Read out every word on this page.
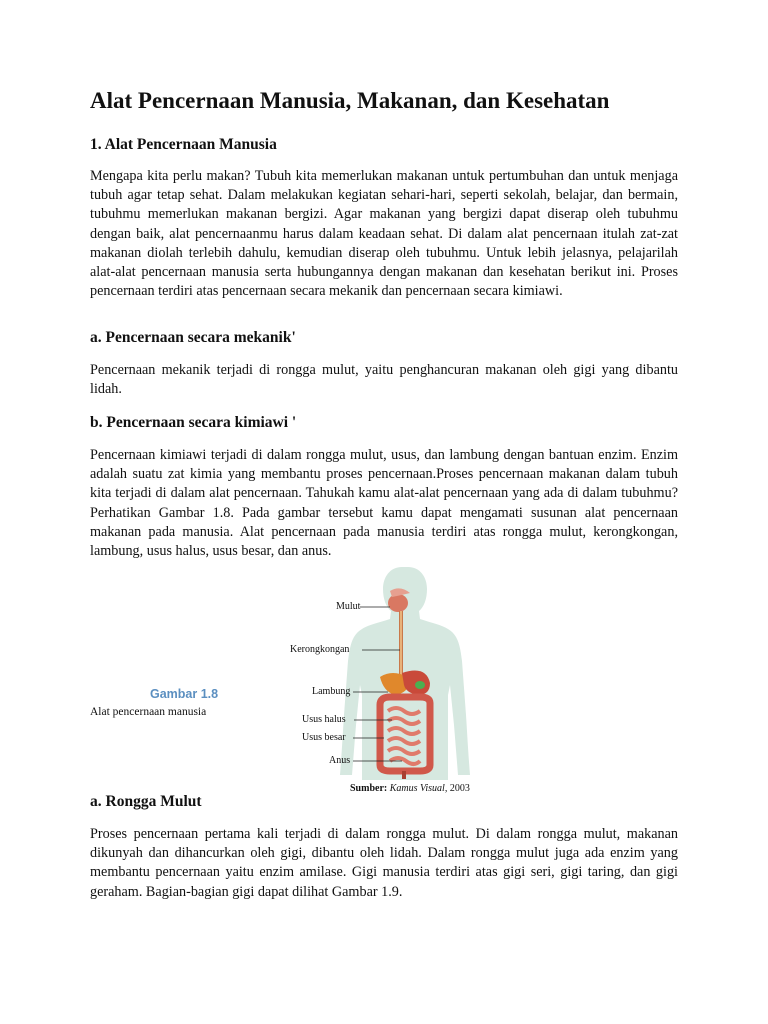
Alat Pencernaan Manusia, Makanan, dan Kesehatan
1. Alat Pencernaan Manusia

Mengapa kita perlu makan? Tubuh kita memerlukan makanan untuk pertumbuhan dan untuk menjaga tubuh agar tetap sehat. Dalam melakukan kegiatan sehari-hari, seperti sekolah, belajar, dan bermain, tubuhmu memerlukan makanan bergizi. Agar makanan yang bergizi dapat diserap oleh tubuhmu dengan baik, alat pencernaanmu harus dalam keadaan sehat. Di dalam alat pencernaan itulah zat-zat makanan diolah terlebih dahulu, kemudian diserap oleh tubuhmu. Untuk lebih jelasnya, pelajarilah alat-alat pencernaan manusia serta hubungannya dengan makanan dan kesehatan berikut ini. Proses pencernaan terdiri atas pencernaan secara mekanik dan pencernaan secara kimiawi.

a. Pencernaan secara mekanik'

Pencernaan mekanik terjadi di rongga mulut, yaitu penghancuran makanan oleh gigi yang dibantu lidah.

b. Pencernaan secara kimiawi '

Pencernaan kimiawi terjadi di dalam rongga mulut, usus, dan lambung dengan bantuan enzim. Enzim adalah suatu zat kimia yang membantu proses pencernaan.Proses pencernaan makanan dalam tubuh kita terjadi di dalam alat pencernaan. Tahukah kamu alat-alat pencernaan yang ada di dalam tubuhmu? Perhatikan Gambar 1.8. Pada gambar tersebut kamu dapat mengamati susunan alat pencernaan makanan pada manusia. Alat pencernaan pada manusia terdiri atas rongga mulut, kerongkongan, lambung, usus halus, usus besar, dan anus.

Gambar 1.8
Alat pencernaan manusia
Mulut
Kerongkongan
Lambung
Usus halus
Usus besar
Anus
Sumber: Kamus Visual, 2003
a. Rongga Mulut

Proses pencernaan pertama kali terjadi di dalam rongga mulut. Di dalam rongga mulut, makanan dikunyah dan dihancurkan oleh gigi, dibantu oleh lidah. Dalam rongga mulut juga ada enzim yang membantu pencernaan yaitu enzim amilase. Gigi manusia terdiri atas gigi seri, gigi taring, dan gigi geraham. Bagian-bagian gigi dapat dilihat Gambar 1.9.
